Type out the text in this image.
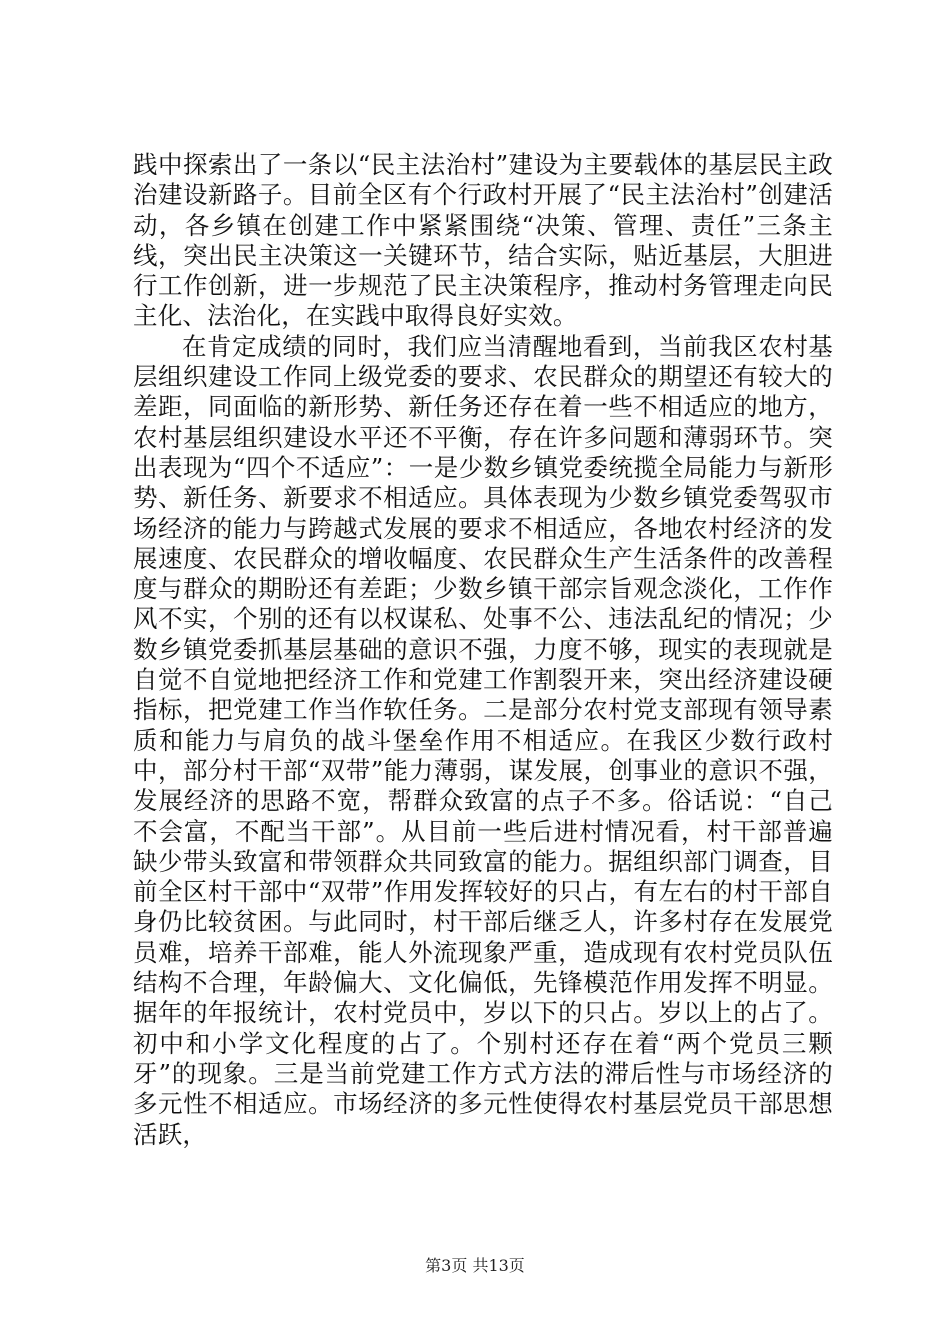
践中探索出了一条以“民主法治村”建设为主要载体的基层民主政治建设新路子。目前全区有个行政村开展了“民主法治村”创建活动，各乡镇在创建工作中紧紧围绕“决策、管理、责任”三条主线，突出民主决策这一关键环节，结合实际，贴近基层，大胆进行工作创新，进一步规范了民主决策程序，推动村务管理走向民主化、法治化，在实践中取得良好实效。

在肯定成绩的同时，我们应当清醒地看到，当前我区农村基层组织建设工作同上级党委的要求、农民群众的期望还有较大的差距，同面临的新形势、新任务还存在着一些不相适应的地方，农村基层组织建设水平还不平衡，存在许多问题和薄弱环节。突出表现为“四个不适应”：一是少数乡镇党委统揽全局能力与新形势、新任务、新要求不相适应。具体表现为少数乡镇党委驾驭市场经济的能力与跨越式发展的要求不相适应，各地农村经济的发展速度、农民群众的增收幅度、农民群众生产生活条件的改善程度与群众的期盼还有差距；少数乡镇干部宗旨观念淡化，工作作风不实，个别的还有以权谋私、处事不公、违法乱纪的情况；少数乡镇党委抓基层基础的意识不强，力度不够，现实的表现就是自觉不自觉地把经济工作和党建工作割裂开来，突出经济建设硬指标，把党建工作当作软任务。二是部分农村党支部现有领导素质和能力与肩负的战斗堡垒作用不相适应。在我区少数行政村中，部分村干部“双带”能力薄弱，谋发展，创事业的意识不强，发展经济的思路不宽，帮群众致富的点子不多。俗话说：“自己不会富，不配当干部”。从目前一些后进村情况看，村干部普遍缺少带头致富和带领群众共同致富的能力。据组织部门调查，目前全区村干部中“双带”作用发挥较好的只占，有左右的村干部自身仍比较贫困。与此同时，村干部后继乏人，许多村存在发展党员难，培养干部难，能人外流现象严重，造成现有农村党员队伍结构不合理，年龄偏大、文化偏低，先锋模范作用发挥不明显。据年的年报统计，农村党员中，岁以下的只占。岁以上的占了。初中和小学文化程度的占了。个别村还存在着“两个党员三颗牙”的现象。三是当前党建工作方式方法的滞后性与市场经济的多元性不相适应。市场经济的多元性使得农村基层党员干部思想活跃，

第3页 共13页
